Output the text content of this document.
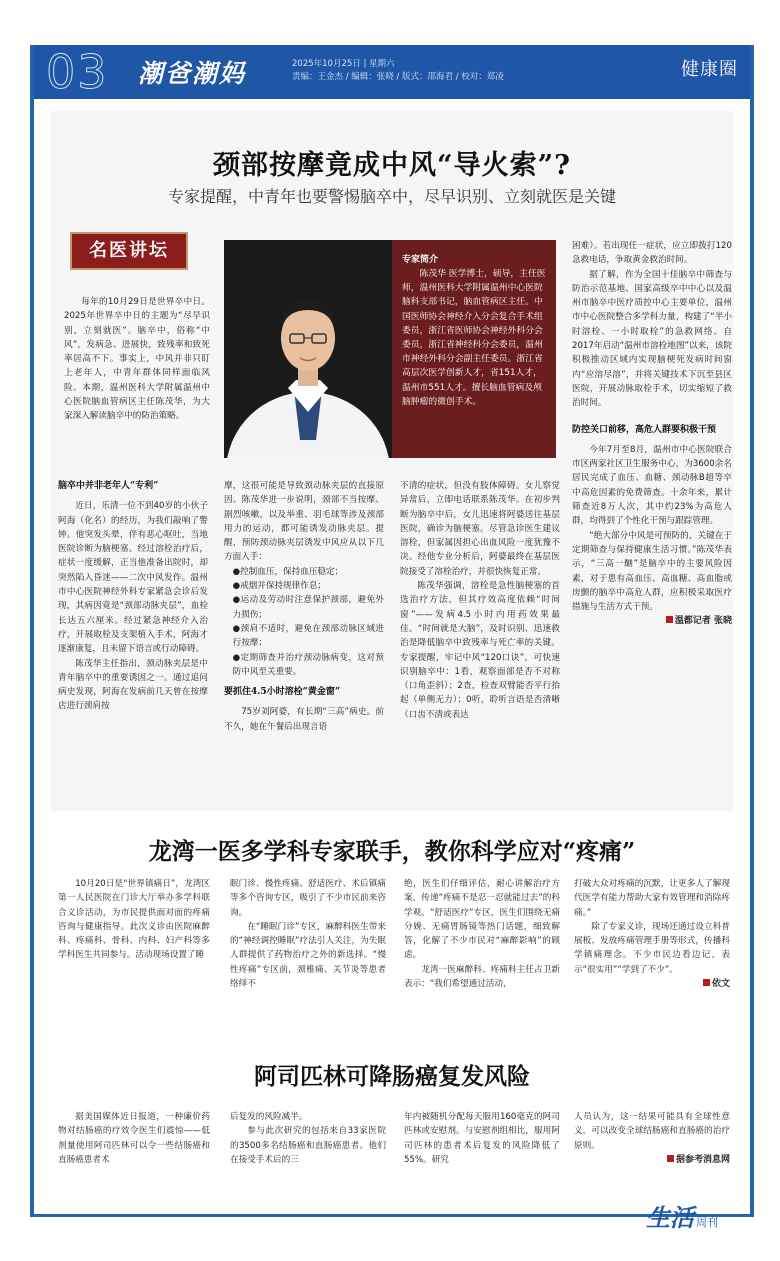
03 潮爸潮妈	2025年10月25日 | 星期六
责编：王金杰 / 编辑：张晓 / 版式：邵海君 / 校对：郑凌	健康圈
颈部按摩竟成中风“导火索”?
专家提醒，中青年也要警惕脑卒中，尽早识别、立刻就医是关键
名医讲坛

每年的10月29日是世界卒中日。2025年世界卒中日的主题为“尽早识别，立刻就医”。脑卒中，俗称“中风”，发病急、进展快，致残率和致死率居高不下。事实上，中风并非只盯上老年人，中青年群体同样面临风险。本期，温州医科大学附属温州中心医院脑血管病区主任陈茂华，为大家深入解读脑卒中的防治策略。

专家简介
陈茂华 医学博士，硕导，主任医师，温州医科大学附属温州中心医院脑科支部书记，脑血管病区主任。中国医师协会神经介入分会复合手术组委员，浙江省医师协会神经外科分会委员，浙江省神经科分会委员，温州市神经外科分会副主任委员。浙江省高层次医学创新人才，省151人才，温州市551人才。擅长脑血管病及颅脑肿瘤的微创手术。

脑卒中并非老年人“专利”

近日，乐清一位不到40岁的小伙子阿海（化名）的经历，为我们敲响了警钟。他突发头晕，伴有恶心呕吐，当地医院诊断为脑梗塞。经过溶栓治疗后，症状一度缓解，正当他准备出院时，却突然陷入昏迷——二次中风发作。温州市中心医院神经外科专家紧急会诊后发现，其病因竟是“颈部动脉夹层”，血栓长达五六厘米。经过紧急神经介入治疗，开展取栓及支架植入手术，阿海才逐渐康复，且未留下语言或行动障碍。

陈茂华主任指出，颈动脉夹层是中青年脑卒中的重要诱因之一。通过追问病史发现，阿海在发病前几天曾在按摩店进行颈肩按

摩，这很可能是导致颈动脉夹层的直接原因。陈茂华进一步说明，颈部不当按摩、剧烈咳嗽，以及举重、羽毛球等涉及颈部用力的运动，都可能诱发动脉夹层。提醒，预防颈动脉夹层诱发中风应从以下几方面入手：

●控制血压，保持血压稳定；

●戒烟并保持规律作息；

●运动及劳动时注意保护颈部，避免外力损伤；

●颈肩不适时，避免在颈部动脉区域进行按摩；

●定期筛查并治疗颈动脉病变，这对预防中风至关重要。

要抓住4.5小时溶栓“黄金窗”

75岁刘阿婆，有长期“三高”病史。前不久，她在午餐后出现言语

不清的症状，但没有肢体障碍。女儿察觉异常后，立即电话联系陈茂华。在初步判断为脑卒中后，女儿迅速将阿婆送往基层医院，确诊为脑梗塞。尽管急诊医生建议溶栓，但家属因担心出血风险一度犹豫不决。经他专业分析后，阿婆最终在基层医院接受了溶栓治疗，并很快恢复正常。

陈茂华强调，溶栓是急性脑梗塞的首选治疗方法，但其疗效高度依赖“时间窗”——发病4.5小时内用药效果最佳。“时间就是大脑”，及时识别、迅速救治是降低脑卒中致残率与死亡率的关键。专家提醒，牢记中风“120口诀”，可快速识别脑卒中：1看，观察面部是否不对称（口角歪斜）；2查，检查双臂能否平行抬起（单侧无力）；0听，聆听言语是否清晰（口齿不清或表达

困难）。若出现任一症状，应立即拨打120急救电话，争取黄金救治时间。

据了解，作为全国十佳脑卒中筛查与防治示范基地、国家高级卒中中心以及温州市脑卒中医疗质控中心主要单位，温州市中心医院整合多学科力量，构建了“半小时溶栓、一小时取栓”的急救网络。自2017年启动“温州市溶栓地图”以来，该院积极推动区域内实现脑梗死发病时间窗内“应溶尽溶”，并将关键技术下沉至县区医院，开展动脉取栓手术，切实缩短了救治时间。

防控关口前移，高危人群要积极干预

今年7月至8月，温州市中心医院联合市区两家社区卫生服务中心，为3600余名居民完成了血压、血糖、颈动脉B超等卒中高危因素的免费筛查。十余年来，累计筛查近8万人次，其中约23%为高危人群，均得到了个性化干预与跟踪管理。

“绝大部分中风是可预防的，关键在于定期筛查与保持健康生活习惯。”陈茂华表示，“三高一酗”是脑卒中的主要风险因素，对于患有高血压、高血糖、高血脂或房颤的脑卒中高危人群，应积极采取医疗措施与生活方式干预。

温都记者 张晓
龙湾一医多学科专家联手，教你科学应对“疼痛”

10月20日是“世界镇痛日”，龙湾区第一人民医院在门诊大厅举办多学科联合义诊活动，为市民提供面对面的疼痛咨询与健康指导。此次义诊由医院麻醉科、疼痛科、骨科、内科、妇产科等多学科医生共同参与。活动现场设置了睡

眠门诊、慢性疼痛、舒适医疗、术后镇痛等多个咨询专区，吸引了不少市民前来咨询。

在“睡眠门诊”专区，麻醉科医生带来的“神经调控睡眠”疗法引人关注，为失眠人群提供了药物治疗之外的新选择。“慢性疼痛”专区前，颈椎痛、关节炎等患者络绎不

绝，医生们仔细评估，耐心讲解治疗方案，传递“疼痛不是忍一忍就能过去”的科学观。“舒适医疗”专区，医生们围绕无痛分娩、无痛胃肠镜等热门话题，细致解答，化解了不少市民对“麻醉影响”的顾虑。

龙湾一医麻醉科、疼痛科主任占卫新表示：“我们希望通过活动，

打破大众对疼痛的沉默，让更多人了解现代医学有能力帮助大家有效管理和消除疼痛。”

除了专家义诊，现场还通过设立科普展板、发放疼痛管理手册等形式，传播科学镇痛理念。不少市民边看边记，表示“很实用”“学到了不少”。

依文
阿司匹林可降肠癌复发风险

据美国媒体近日报道，一种廉价药物对结肠癌的疗效令医生们震惊——低剂量使用阿司匹林可以令一些结肠癌和直肠癌患者术

后复发的风险减半。

参与此次研究的包括来自33家医院的3500多名结肠癌和直肠癌患者。他们在接受手术后的三

年内被随机分配每天服用160毫克的阿司匹林或安慰剂。与安慰剂组相比，服用阿司匹林的患者术后复发的风险降低了55%。研究

人员认为，这一结果可能具有全球性意义，可以改变全球结肠癌和直肠癌的治疗原则。

据参考消息网
生活 周刊
